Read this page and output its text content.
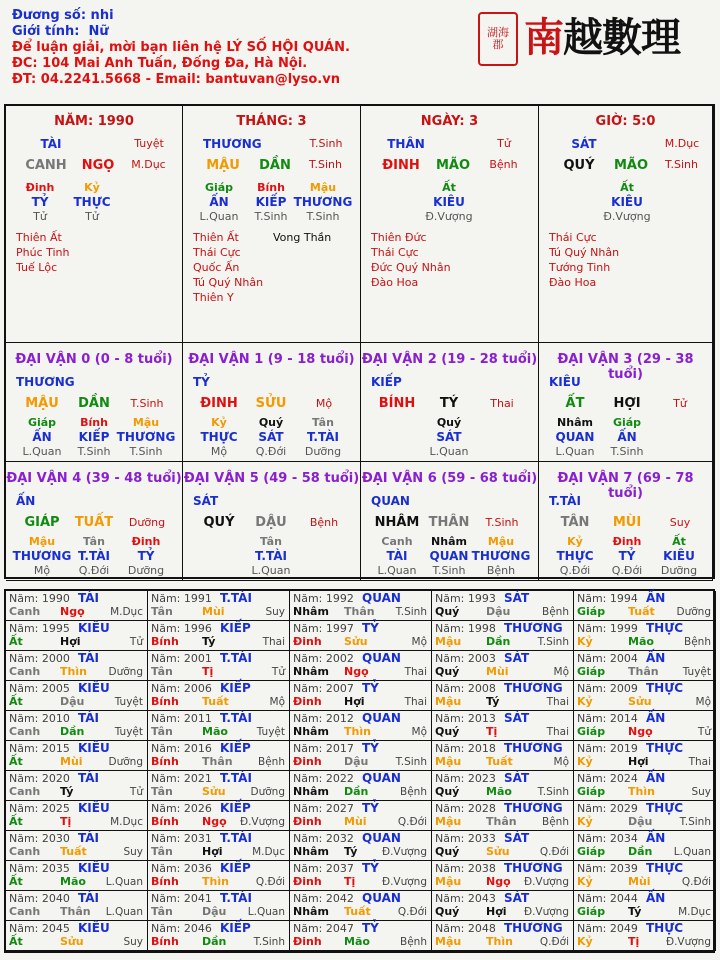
Đương số: nhi
Giới tính: Nữ
Để luận giải, mời bạn liên hệ LÝ SỐ HỘI QUÁN.
ĐC: 104 Mai Anh Tuấn, Đống Đa, Hà Nội.
ĐT: 04.2241.5668 - Email: bantuvan@lyso.vn
湖海郡 南越數理
NĂM: 1990
TÀI	Tuyệt
CANH	NGỌ	M.Dục
Đinh
TỶ
Tử
Kỷ
THỰC
Tử
Thiên Ất
Phúc Tinh
Tuế Lộc
THÁNG: 3
THƯƠNG	T.Sinh
MẬU	DẦN	T.Sinh
Giáp
ẤN
L.Quan
Bính
KIẾP
T.Sinh
Mậu
THƯƠNG
T.Sinh
Thiên Ất
Thái Cực
Quốc Ấn
Tú Quý Nhân
Thiên Y
Vong Thần
NGÀY: 3
THÂN	Tử
ĐINH	MÃO	Bệnh
Ất
KIÊU
Đ.Vượng
Thiên Đức
Thái Cực
Đức Quý Nhân
Đào Hoa
GIỜ: 5:0
SÁT	M.Dục
QUÝ	MÃO	T.Sinh
Ất
KIÊU
Đ.Vượng
Thái Cực
Tú Quý Nhân
Tướng Tinh
Đào Hoa
ĐẠI VẬN 0 (0 - 8 tuổi)
THƯƠNG
MẬU	DẦN	T.Sinh
Giáp
ẤN
L.Quan
Bính
KIẾP
T.Sinh
Mậu
THƯƠNG
T.Sinh
ĐẠI VẬN 1 (9 - 18 tuổi)
TỶ
ĐINH	SỬU	Mộ
Kỷ
THỰC
Mộ
Quý
SÁT
Q.Đới
Tân
T.TÀI
Dưỡng
ĐẠI VẬN 2 (19 - 28 tuổi)
KIẾP
BÍNH	TÝ	Thai
Quý
SÁT
L.Quan
ĐẠI VẬN 3 (29 - 38 tuổi)
KIÊU
ẤT	HỢI	Tử
Nhâm
QUAN
L.Quan
Giáp
ẤN
T.Sinh
ĐẠI VẬN 4 (39 - 48 tuổi)
ẤN
GIÁP	TUẤT	Dưỡng
Mậu
THƯƠNG
Mộ
Tân
T.TÀI
Q.Đới
Đinh
TỶ
Dưỡng
ĐẠI VẬN 5 (49 - 58 tuổi)
SÁT
QUÝ	DẬU	Bệnh
Tân
T.TÀI
L.Quan
ĐẠI VẬN 6 (59 - 68 tuổi)
QUAN
NHÂM THÂN	T.Sinh
Canh
TÀI
L.Quan
Nhâm
QUAN
T.Sinh
Mậu
THƯƠNG
Bệnh
ĐẠI VẬN 7 (69 - 78 tuổi)
T.TÀI
TÂN	MÙI	Suy
Kỷ
THỰC
Q.Đới
Đinh
TỶ
Q.Đới
Ất
KIÊU
Dưỡng
Năm: 1990 TÀI
Canh Ngọ M.Dục
Năm: 1991 T.TÀI
Tân	Mùi	Suy
Năm: 1992 QUAN
Nhâm Thân T.Sinh
Năm: 1993 SÁT
Quý Dậu	Bệnh
Năm: 1994 ẤN
Giáp Tuất Dưỡng
Năm: 1995 KIÊU
Ất	Hợi	Tử
Năm: 1996 KIẾP
Bính Tý	Thai
Năm: 1997 TỶ
Đinh Sửu	Mộ
Năm: 1998 THƯƠNG
Mậu Dần	T.Sinh
Năm: 1999 THỰC
Kỷ	Mão	Bệnh
Năm: 2000 TÀI
Canh Thìn Dưỡng
Năm: 2001 T.TÀI
Tân	Tị	Tử
Năm: 2002 QUAN
Nhâm Ngọ	Thai
Năm: 2003 SÁT
Quý Mùi	Mộ
Năm: 2004 ẤN
Giáp Thân Tuyệt
Năm: 2005 KIÊU
Ất	Dậu	Tuyệt
Năm: 2006 KIẾP
Bính Tuất	Mộ
Năm: 2007 TỶ
Đinh Hợi	Thai
Năm: 2008 THƯƠNG
Mậu Tý	Thai
Năm: 2009 THỰC
Kỷ	Sửu	Mộ
Năm: 2010 TÀI
Canh Dần	Tuyệt
Năm: 2011 T.TÀI
Tân	Mão	Tuyệt
Năm: 2012 QUAN
Nhâm Thìn	Mộ
Năm: 2013 SÁT
Quý Tị	Thai
Năm: 2014 ẤN
Giáp Ngọ	Tử
Năm: 2015 KIÊU
Ất	Mùi Dưỡng
Năm: 2016 KIẾP
Bính Thân Bệnh
Năm: 2017 TỶ
Đinh Dậu	T.Sinh
Năm: 2018 THƯƠNG
Mậu Tuất	Mộ
Năm: 2019 THỰC
Kỷ	Hợi	Thai
Năm: 2020 TÀI
Canh Tý	Tử
Năm: 2021 T.TÀI
Tân	Sửu Dưỡng
Năm: 2022 QUAN
Nhâm Dần	Bệnh
Năm: 2023 SÁT
Quý Mão T.Sinh
Năm: 2024 ẤN
Giáp Thìn	Suy
Năm: 2025 KIÊU
Ất	Tị	M.Dục
Năm: 2026 KIẾP
Bính Ngọ Đ.Vượng
Năm: 2027 TỶ
Đinh Mùi	Q.Đới
Năm: 2028 THƯƠNG
Mậu Thân Bệnh
Năm: 2029 THỰC
Kỷ	Dậu	T.Sinh
Năm: 2030 TÀI
Canh Tuất	Suy
Năm: 2031 T.TÀI
Tân	Hợi	M.Dục
Năm: 2032 QUAN
Nhâm Tý Đ.Vượng
Năm: 2033 SÁT
Quý Sửu	Q.Đới
Năm: 2034 ẤN
Giáp Dần L.Quan
Năm: 2035 KIÊU
Ất	Mão L.Quan
Năm: 2036 KIẾP
Bính Thìn	Q.Đới
Năm: 2037 TỶ
Đinh Tị	Đ.Vượng
Năm: 2038 THƯƠNG
Mậu Ngọ Đ.Vượng
Năm: 2039 THỰC
Kỷ	Mùi	Q.Đới
Năm: 2040 TÀI
Canh Thân L.Quan
Năm: 2041 T.TÀI
Tân	Dậu L.Quan
Năm: 2042 QUAN
Nhâm Tuất	Q.Đới
Năm: 2043 SÁT
Quý Hợi Đ.Vượng
Năm: 2044 ẤN
Giáp Tý	M.Dục
Năm: 2045 KIÊU
Ất	Sửu	Suy
Năm: 2046 KIẾP
Bính Dần	T.Sinh
Năm: 2047 TỶ
Đinh Mão	Bệnh
Năm: 2048 THƯƠNG
Mậu Thìn	Q.Đới
Năm: 2049 THỰC
Kỷ	Tị	Đ.Vượng
